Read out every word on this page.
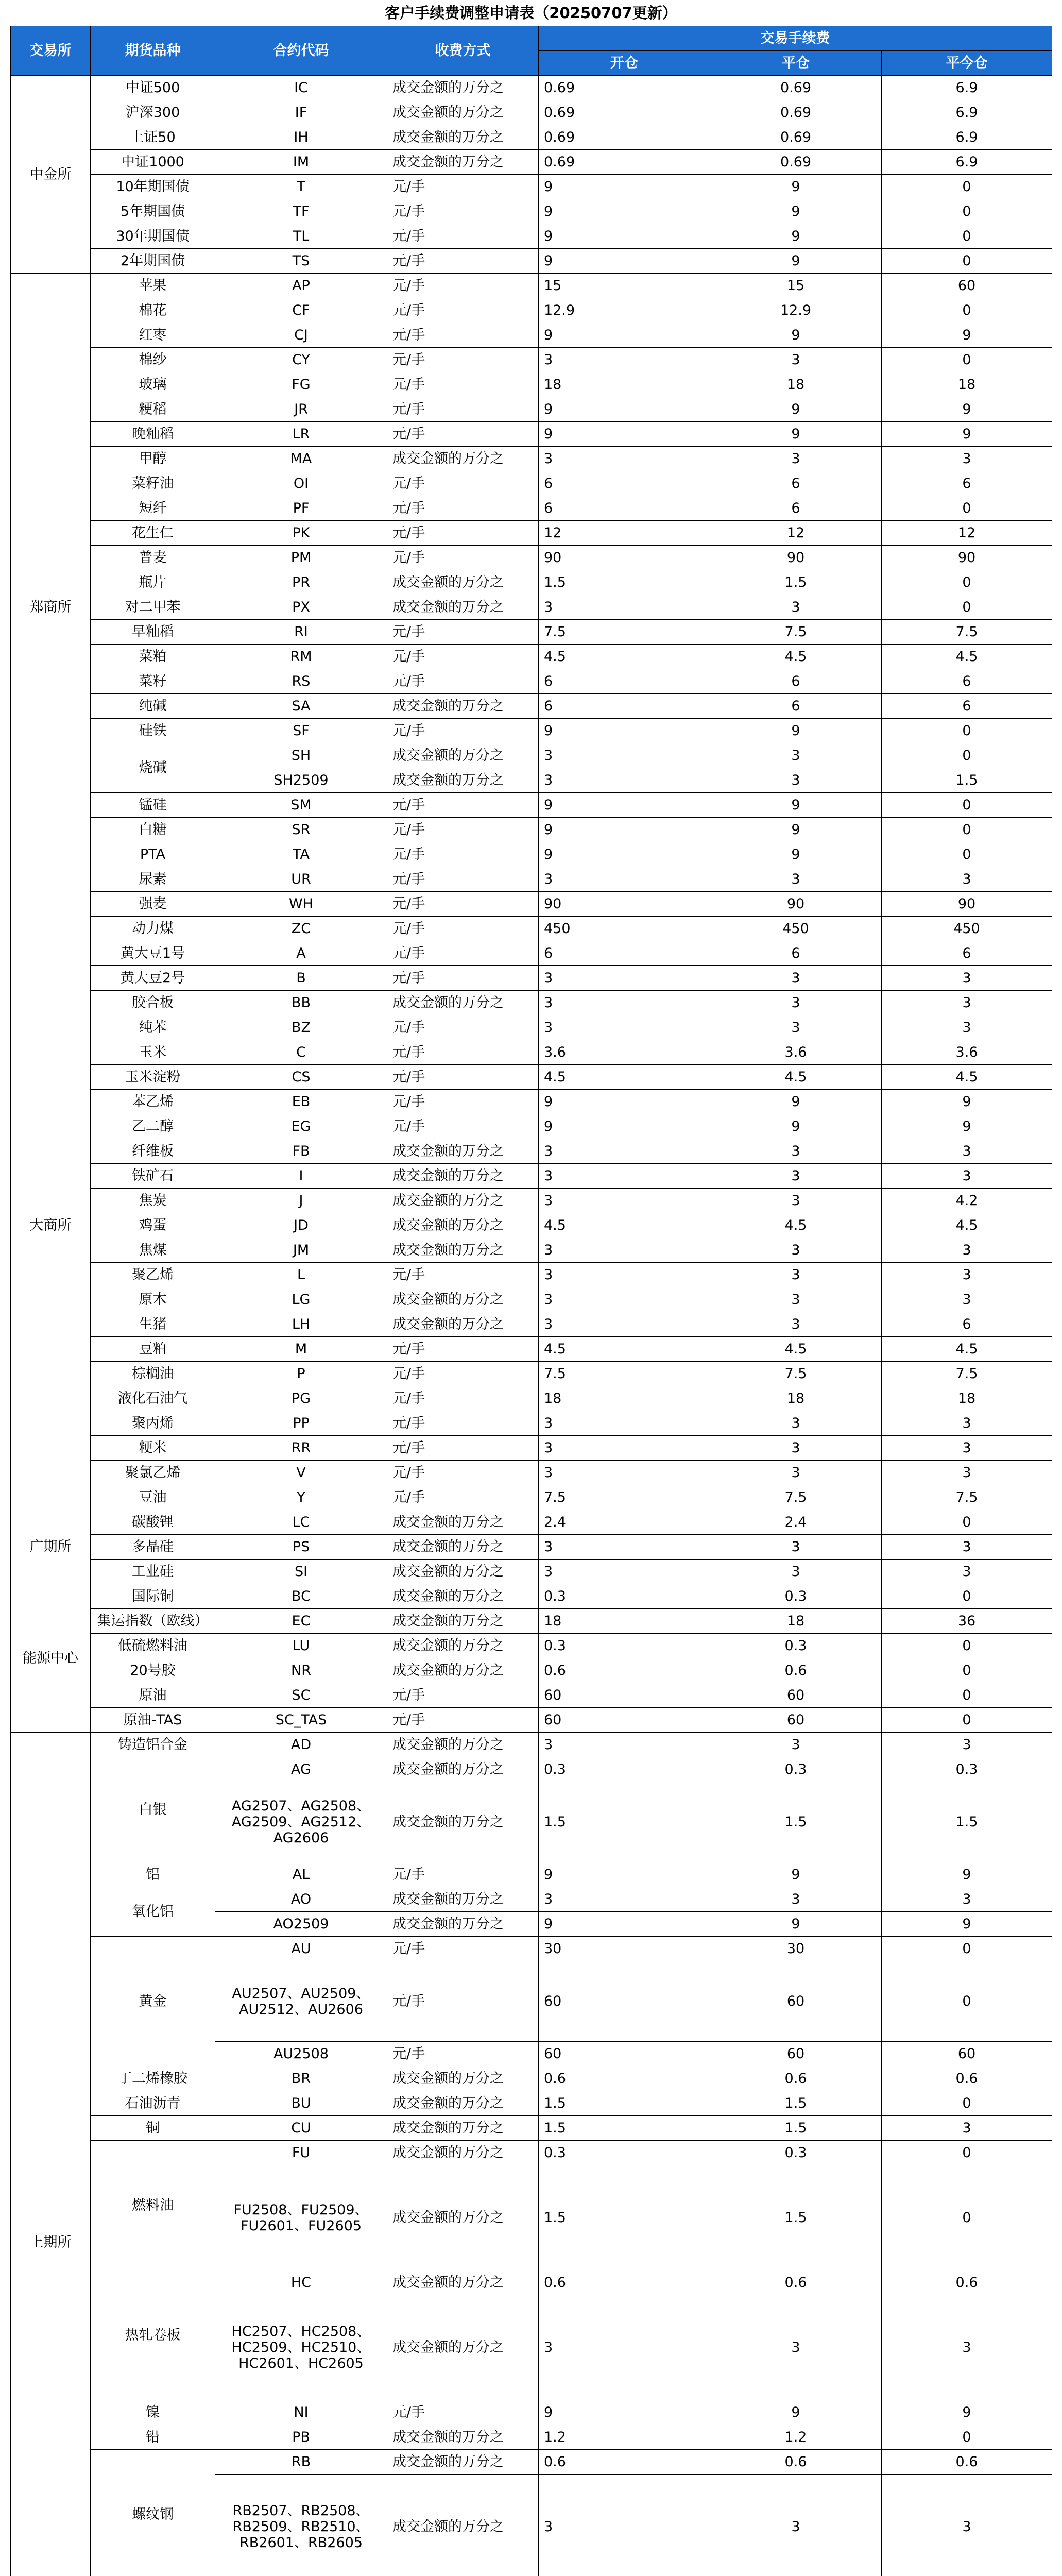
客户手续费调整申请表（20250707更新）
交易所	期货品种	合约代码	收费方式	交易手续费		
				开仓	平仓	平今仓
中金所	中证500	IC	成交金额的万分之	0.69	0.69	6.9
	沪深300	IF	成交金额的万分之	0.69	0.69	6.9
	上证50	IH	成交金额的万分之	0.69	0.69	6.9
	中证1000	IM	成交金额的万分之	0.69	0.69	6.9
	10年期国债	T	元/手	9	9	0
	5年期国债	TF	元/手	9	9	0
	30年期国债	TL	元/手	9	9	0
	2年期国债	TS	元/手	9	9	0
郑商所	苹果	AP	元/手	15	15	60
	棉花	CF	元/手	12.9	12.9	0
	红枣	CJ	元/手	9	9	9
	棉纱	CY	元/手	3	3	0
	玻璃	FG	元/手	18	18	18
	粳稻	JR	元/手	9	9	9
	晚籼稻	LR	元/手	9	9	9
	甲醇	MA	成交金额的万分之	3	3	3
	菜籽油	OI	元/手	6	6	6
	短纤	PF	元/手	6	6	0
	花生仁	PK	元/手	12	12	12
	普麦	PM	元/手	90	90	90
	瓶片	PR	成交金额的万分之	1.5	1.5	0
	对二甲苯	PX	成交金额的万分之	3	3	0
	早籼稻	RI	元/手	7.5	7.5	7.5
	菜粕	RM	元/手	4.5	4.5	4.5
	菜籽	RS	元/手	6	6	6
	纯碱	SA	成交金额的万分之	6	6	6
	硅铁	SF	元/手	9	9	0
	烧碱	SH	成交金额的万分之	3	3	0
		SH2509	成交金额的万分之	3	3	1.5
	锰硅	SM	元/手	9	9	0
	白糖	SR	元/手	9	9	0
	PTA	TA	元/手	9	9	0
	尿素	UR	元/手	3	3	3
	强麦	WH	元/手	90	90	90
	动力煤	ZC	元/手	450	450	450
大商所	黄大豆1号	A	元/手	6	6	6
	黄大豆2号	B	元/手	3	3	3
	胶合板	BB	成交金额的万分之	3	3	3
	纯苯	BZ	元/手	3	3	3
	玉米	C	元/手	3.6	3.6	3.6
	玉米淀粉	CS	元/手	4.5	4.5	4.5
	苯乙烯	EB	元/手	9	9	9
	乙二醇	EG	元/手	9	9	9
	纤维板	FB	成交金额的万分之	3	3	3
	铁矿石	I	成交金额的万分之	3	3	3
	焦炭	J	成交金额的万分之	3	3	4.2
	鸡蛋	JD	成交金额的万分之	4.5	4.5	4.5
	焦煤	JM	成交金额的万分之	3	3	3
	聚乙烯	L	元/手	3	3	3
	原木	LG	成交金额的万分之	3	3	3
	生猪	LH	成交金额的万分之	3	3	6
	豆粕	M	元/手	4.5	4.5	4.5
	棕榈油	P	元/手	7.5	7.5	7.5
	液化石油气	PG	元/手	18	18	18
	聚丙烯	PP	元/手	3	3	3
	粳米	RR	元/手	3	3	3
	聚氯乙烯	V	元/手	3	3	3
	豆油	Y	元/手	7.5	7.5	7.5
广期所	碳酸锂	LC	成交金额的万分之	2.4	2.4	0
	多晶硅	PS	成交金额的万分之	3	3	3
	工业硅	SI	成交金额的万分之	3	3	3
能源中心	国际铜	BC	成交金额的万分之	0.3	0.3	0
	集运指数（欧线）	EC	成交金额的万分之	18	18	36
	低硫燃料油	LU	成交金额的万分之	0.3	0.3	0
	20号胶	NR	成交金额的万分之	0.6	0.6	0
	原油	SC	元/手	60	60	0
	原油-TAS	SC_TAS	元/手	60	60	0
上期所	铸造铝合金	AD	成交金额的万分之	3	3	3
	白银	AG	成交金额的万分之	0.3	0.3	0.3
		AG2507、AG2508、
AG2509、AG2512、
AG2606	成交金额的万分之	1.5	1.5	1.5
	铝	AL	元/手	9	9	9
	氧化铝	AO	成交金额的万分之	3	3	3
		AO2509	成交金额的万分之	9	9	9
	黄金	AU	元/手	30	30	0
		AU2507、AU2509、
AU2512、AU2606	元/手	60	60	0
		AU2508	元/手	60	60	60
	丁二烯橡胶	BR	成交金额的万分之	0.6	0.6	0.6
	石油沥青	BU	成交金额的万分之	1.5	1.5	0
	铜	CU	成交金额的万分之	1.5	1.5	3
	燃料油	FU	成交金额的万分之	0.3	0.3	0
		FU2508、FU2509、
FU2601、FU2605	成交金额的万分之	1.5	1.5	0
	热轧卷板	HC	成交金额的万分之	0.6	0.6	0.6
		HC2507、HC2508、
HC2509、HC2510、
HC2601、HC2605	成交金额的万分之	3	3	3
	镍	NI	元/手	9	9	9
	铅	PB	成交金额的万分之	1.2	1.2	0
	螺纹钢	RB	成交金额的万分之	0.6	0.6	0.6
		RB2507、RB2508、
RB2509、RB2510、
RB2601、RB2605	成交金额的万分之	3	3	3
